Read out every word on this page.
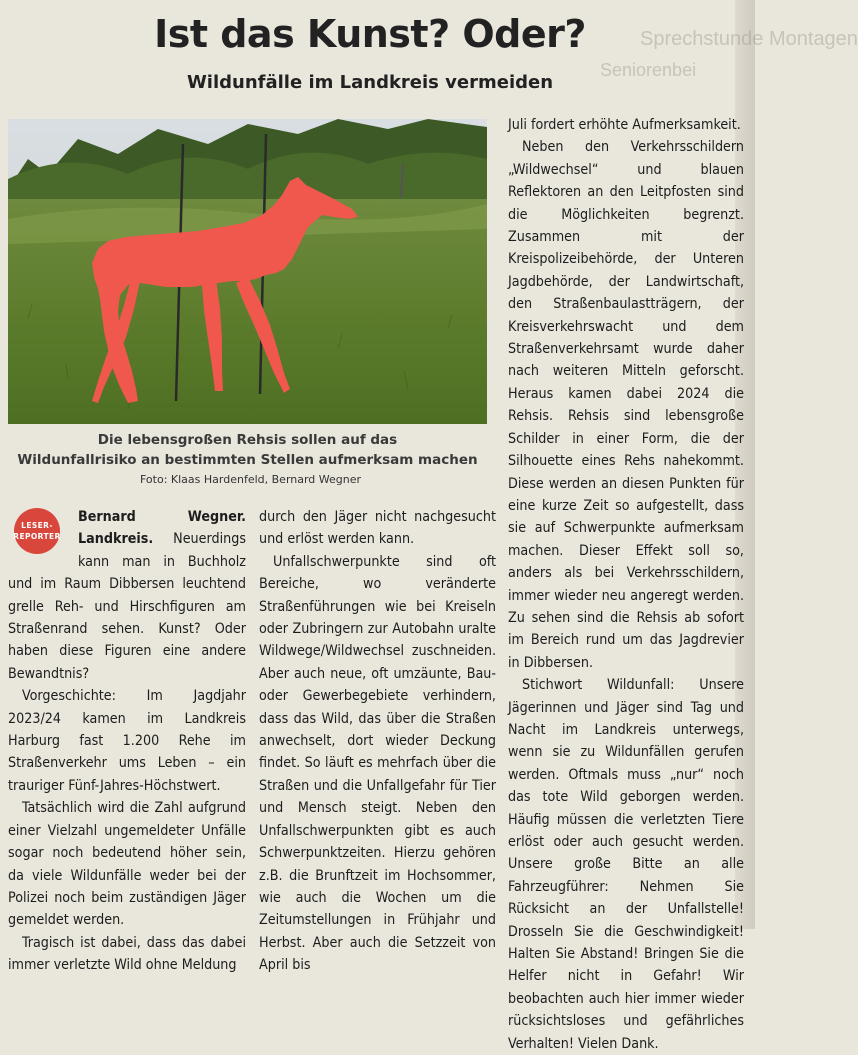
Sprechstunde Montagen
Seniorenbei
Ist das Kunst? Oder?
Wildunfälle im Landkreis vermeiden
Die lebensgroßen Rehsis sollen auf das
Wildunfallrisiko an bestimmten Stellen aufmerksam machen
Foto: Klaas Hardenfeld, Bernard Wegner

LESER-
REPORTER
Bernard Wegner. Landkreis. Neuerdings kann man in Buchholz und im Raum Dibbersen leuchtend grelle Reh- und Hirschfiguren am Straßenrand sehen. Kunst? Oder haben diese Figuren eine andere Bewandtnis?

Vorgeschichte: Im Jagdjahr 2023/24 kamen im Landkreis Harburg fast 1.200 Rehe im Straßenverkehr ums Leben – ein trauriger Fünf-Jahres-Höchstwert.

Tatsächlich wird die Zahl aufgrund einer Vielzahl ungemeldeter Unfälle sogar noch bedeutend höher sein, da viele Wildunfälle weder bei der Polizei noch beim zuständigen Jäger gemeldet werden.

Tragisch ist dabei, dass das dabei immer verletzte Wild ohne Meldung

durch den Jäger nicht nachgesucht und erlöst werden kann.

Unfallschwerpunkte sind oft Bereiche, wo veränderte Straßenführungen wie bei Kreiseln oder Zubringern zur Autobahn uralte Wildwege/Wildwechsel zuschneiden. Aber auch neue, oft umzäunte, Bau- oder Gewerbegebiete verhindern, dass das Wild, das über die Straßen anwechselt, dort wieder Deckung findet. So läuft es mehrfach über die Straßen und die Unfallgefahr für Tier und Mensch steigt. Neben den Unfallschwerpunkten gibt es auch Schwerpunktzeiten. Hierzu gehören z.B. die Brunftzeit im Hochsommer, wie auch die Wochen um die Zeitumstellungen in Frühjahr und Herbst. Aber auch die Setzzeit von April bis

Juli fordert erhöhte Aufmerksamkeit.

Neben den Verkehrsschildern „Wildwechsel“ und blauen Reflektoren an den Leitpfosten sind die Möglichkeiten begrenzt. Zusammen mit der Kreispolizeibehörde, der Unteren Jagdbehörde, der Landwirtschaft, den Straßenbaulastträgern, der Kreisverkehrswacht und dem Straßenverkehrsamt wurde daher nach weiteren Mitteln geforscht. Heraus kamen dabei 2024 die Rehsis. Rehsis sind lebensgroße Schilder in einer Form, die der Silhouette eines Rehs nahekommt. Diese werden an diesen Punkten für eine kurze Zeit so aufgestellt, dass sie auf Schwerpunkte aufmerksam machen. Dieser Effekt soll so, anders als bei Verkehrsschildern, immer wieder neu angeregt werden. Zu sehen sind die Rehsis ab sofort im Bereich rund um das Jagdrevier in Dibbersen.

Stichwort Wildunfall: Unsere Jägerinnen und Jäger sind Tag und Nacht im Landkreis unterwegs, wenn sie zu Wildunfällen gerufen werden. Oftmals muss „nur“ noch das tote Wild geborgen werden. Häufig müssen die verletzten Tiere erlöst oder auch gesucht werden. Unsere große Bitte an alle Fahrzeugführer: Nehmen Sie Rücksicht an der Unfallstelle! Drosseln Sie die Geschwindigkeit! Halten Sie Abstand! Bringen Sie die Helfer nicht in Gefahr! Wir beobachten auch hier immer wieder rücksichtsloses und gefährliches Verhalten! Vielen Dank.
